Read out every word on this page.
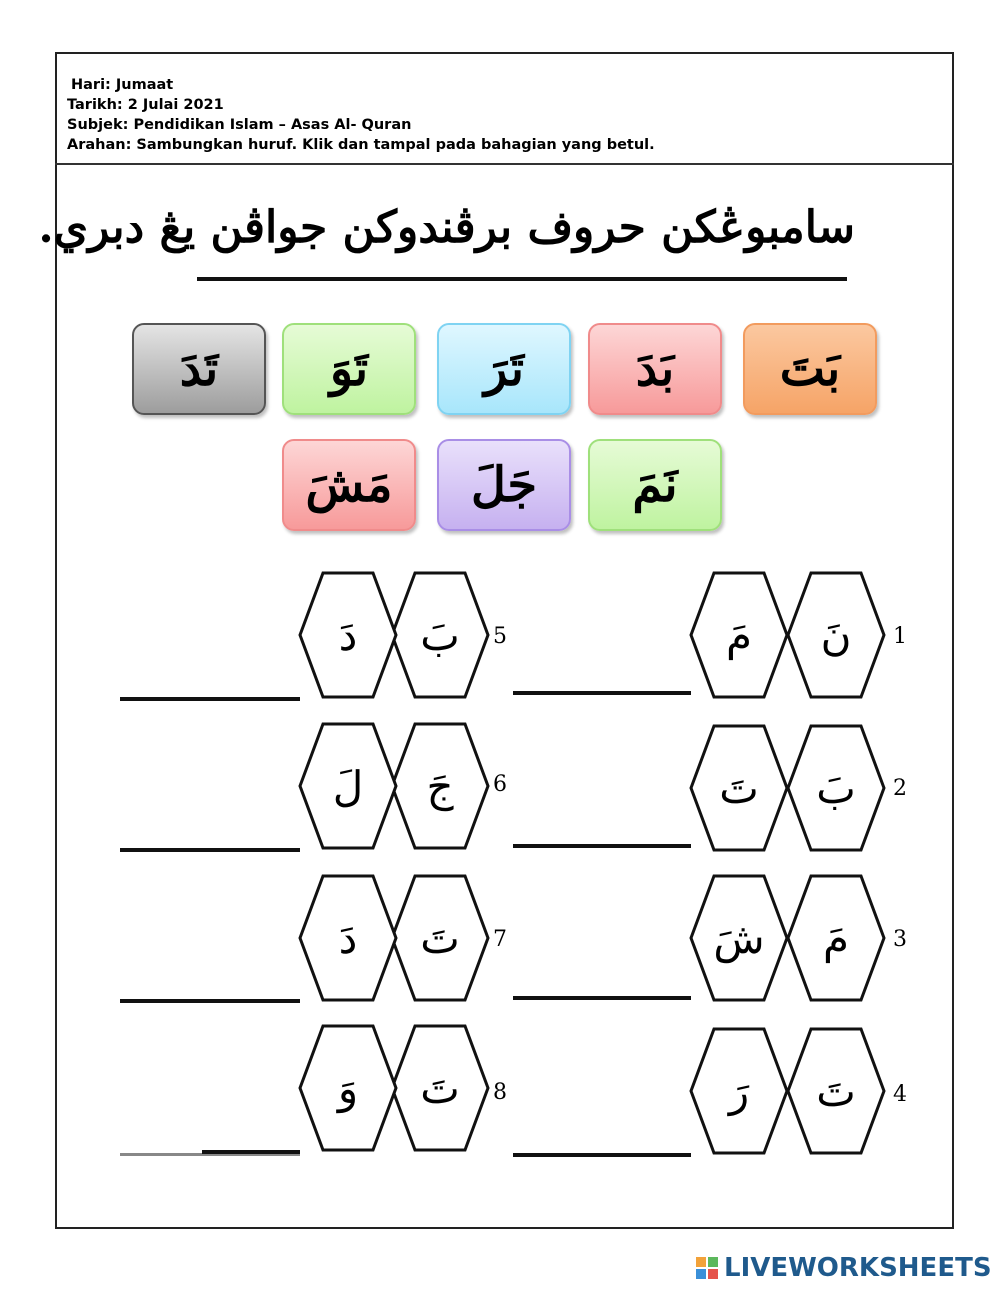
Hari: Jumaat
Tarikh: 2 Julai 2021
Subjek: Pendidikan Islam – Asas Al- Quran
Arahan: Sambungkan huruf. Klik dan tampal pada bahagian yang betul.
سامبوڠكن حروف برڤندوكن جواڤن يڠ دبري.
بَتَ
بَدَ
تَرَ
تَوَ
تَدَ
نَمَ
جَلَ
مَشَ
1
نَ
مَ
2
بَ
تَ
3
مَ
شَ
4
تَ
رَ
5
بَ
دَ
6
جَ
لَ
7
تَ
دَ
8
تَ
وَ
LIVEWORKSHEETS
